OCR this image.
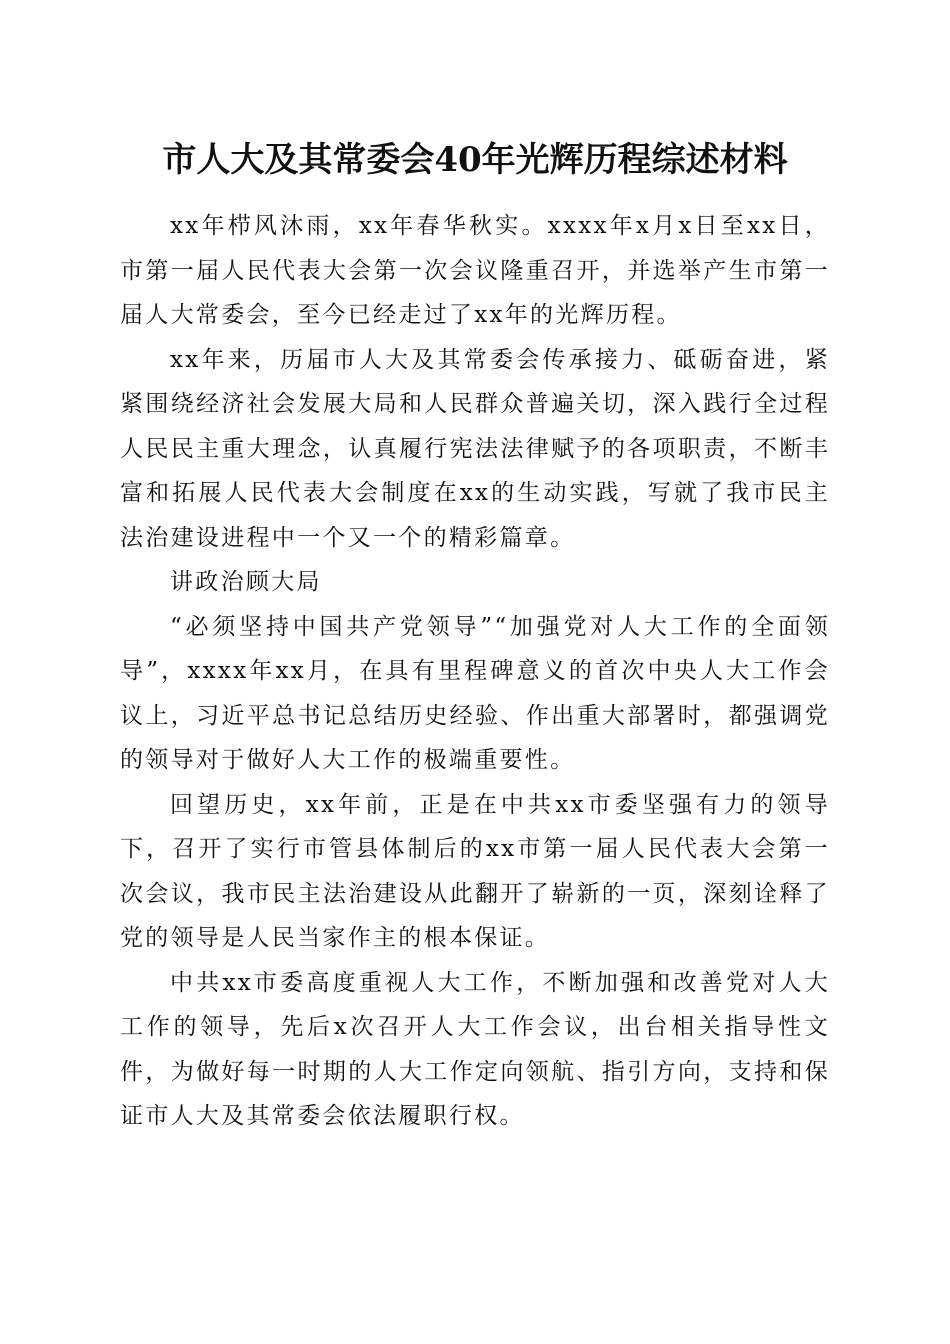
市人大及其常委会40年光辉历程综述材料

xx年栉风沐雨，xx年春华秋实。xxxx年x月x日至xx日，市第一届人民代表大会第一次会议隆重召开，并选举产生市第一届人大常委会，至今已经走过了xx年的光辉历程。

xx年来，历届市人大及其常委会传承接力、砥砺奋进，紧紧围绕经济社会发展大局和人民群众普遍关切，深入践行全过程人民民主重大理念，认真履行宪法法律赋予的各项职责，不断丰富和拓展人民代表大会制度在xx的生动实践，写就了我市民主法治建设进程中一个又一个的精彩篇章。

讲政治顾大局

“必须坚持中国共产党领导”“加强党对人大工作的全面领导”，xxxx年xx月，在具有里程碑意义的首次中央人大工作会议上，习近平总书记总结历史经验、作出重大部署时，都强调党的领导对于做好人大工作的极端重要性。

回望历史，xx年前，正是在中共xx市委坚强有力的领导下，召开了实行市管县体制后的xx市第一届人民代表大会第一次会议，我市民主法治建设从此翻开了崭新的一页，深刻诠释了党的领导是人民当家作主的根本保证。

中共xx市委高度重视人大工作，不断加强和改善党对人大工作的领导，先后x次召开人大工作会议，出台相关指导性文件，为做好每一时期的人大工作定向领航、指引方向，支持和保证市人大及其常委会依法履职行权。
